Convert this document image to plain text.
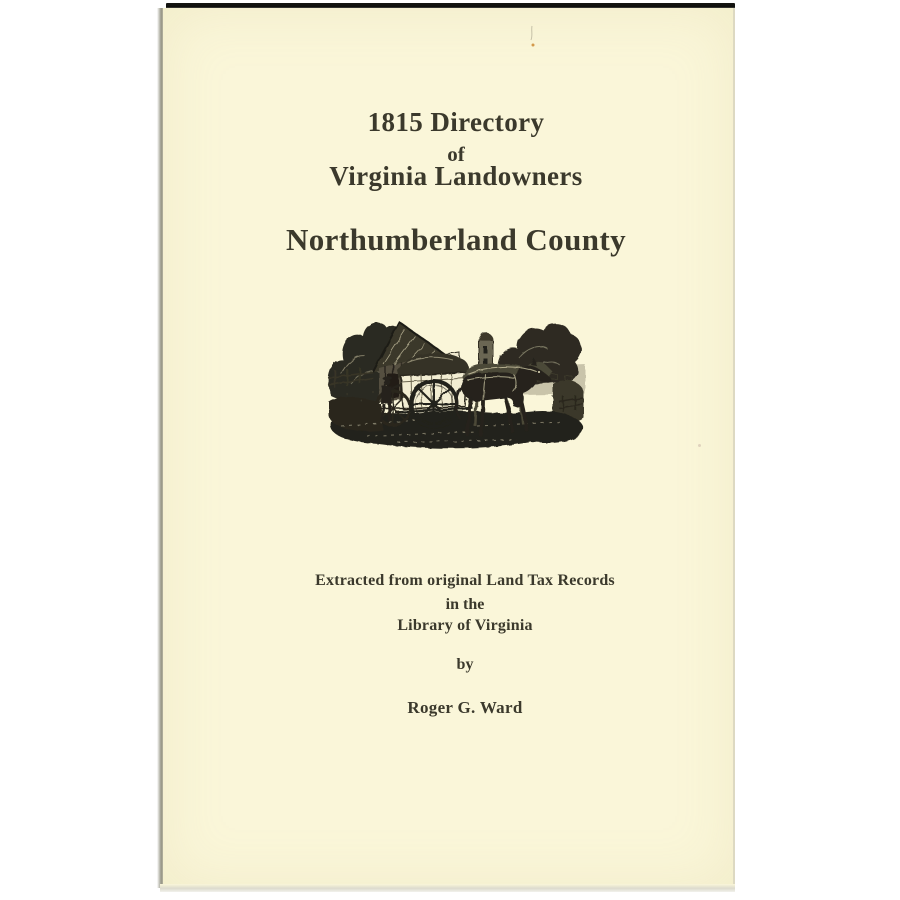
1815 Directory
of
Virginia Landowners
Northumberland County
Extracted from original Land Tax Records
in the
Library of Virginia
by
Roger G. Ward
